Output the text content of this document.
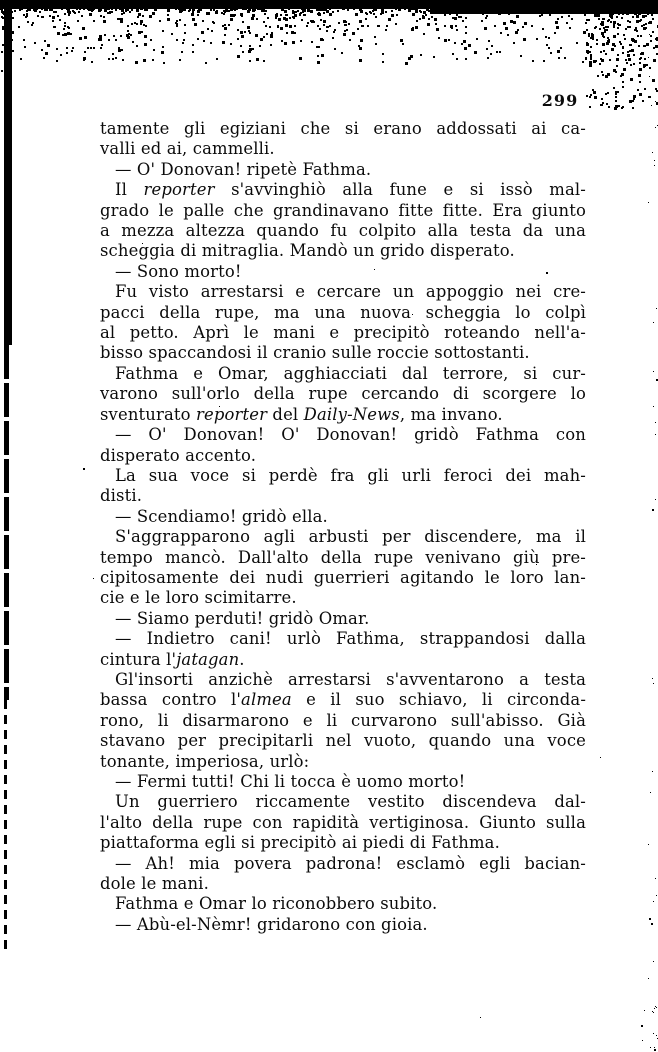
299
tamente gli egiziani che si erano addossati ai ca-
valli ed ai, cammelli.
— O' Donovan! ripetè Fathma.
Il reporter s'avvinghiò alla fune e si issò mal-
grado le palle che grandinavano fitte fitte. Era giunto
a mezza altezza quando fu colpito alla testa da una
scheggia di mitraglia. Mandò un grido disperato.
— Sono morto!
Fu visto arrestarsi e cercare un appoggio nei cre-
pacci della rupe, ma una nuova scheggia lo colpì
al petto. Aprì le mani e precipitò roteando nell'a-
bisso spaccandosi il cranio sulle roccie sottostanti.
Fathma e Omar, agghiacciati dal terrore, si cur-
varono sull'orlo della rupe cercando di scorgere lo
sventurato reporter del Daily-News, ma invano.
— O' Donovan! O' Donovan! gridò Fathma con
disperato accento.
La sua voce si perdè fra gli urli feroci dei mah-
disti.
— Scendiamo! gridò ella.
S'aggrapparono agli arbusti per discendere, ma il
tempo mancò. Dall'alto della rupe venivano giù pre-
cipitosamente dei nudi guerrieri agitando le loro lan-
cie e le loro scimitarre.
— Siamo perduti! gridò Omar.
— Indietro cani! urlò Fathma, strappandosi dalla
cintura l'jatagan.
Gl'insorti anzichè arrestarsi s'avventarono a testa
bassa contro l'almea e il suo schiavo, li circonda-
rono, li disarmarono e li curvarono sull'abisso. Già
stavano per precipitarli nel vuoto, quando una voce
tonante, imperiosa, urlò:
— Fermi tutti! Chi li tocca è uomo morto!
Un guerriero riccamente vestito discendeva dal-
l'alto della rupe con rapidità vertiginosa. Giunto sulla
piattaforma egli si precipitò ai piedi di Fathma.
— Ah! mia povera padrona! esclamò egli bacian-
dole le mani.
Fathma e Omar lo riconobbero subito.
— Abù-el-Nèmr! gridarono con gioia.
